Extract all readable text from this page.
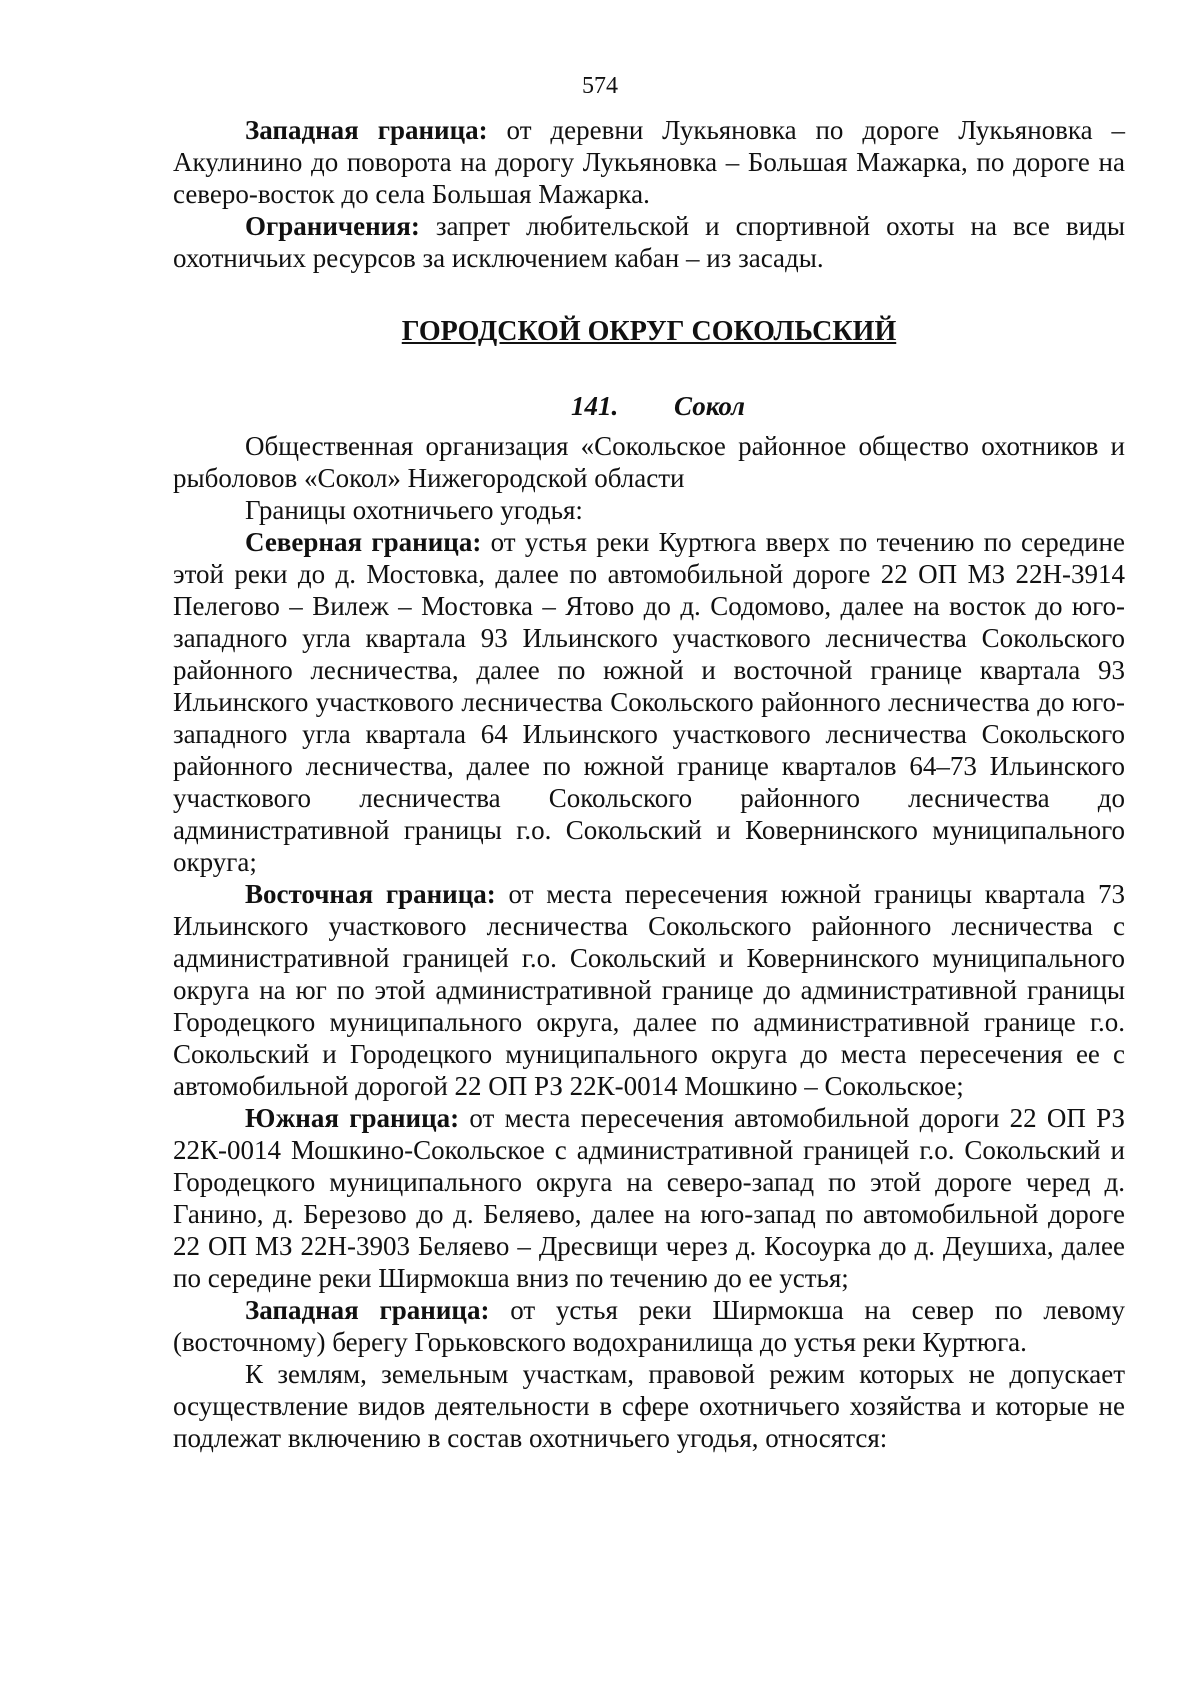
574

Западная граница: от деревни Лукьяновка по дороге Лукьяновка – Акулинино до поворота на дорогу Лукьяновка – Большая Мажарка, по дороге на северо-восток до села Большая Мажарка.

Ограничения: запрет любительской и спортивной охоты на все виды охотничьих ресурсов за исключением кабан – из засады.

ГОРОДСКОЙ ОКРУГ СОКОЛЬСКИЙ

141. Сокол

Общественная организация «Сокольское районное общество охотников и рыболовов «Сокол» Нижегородской области

Границы охотничьего угодья:

Северная граница: от устья реки Куртюга вверх по течению по середине этой реки до д. Мостовка, далее по автомобильной дороге 22 ОП МЗ 22Н-3914 Пелегово – Вилеж – Мостовка – Ятово до д. Содомово, далее на восток до юго-западного угла квартала 93 Ильинского участкового лесничества Сокольского районного лесничества, далее по южной и восточной границе квартала 93 Ильинского участкового лесничества Сокольского районного лесничества до юго-западного угла квартала 64 Ильинского участкового лесничества Сокольского районного лесничества, далее по южной границе кварталов 64–73 Ильинского участкового лесничества Сокольского районного лесничества до административной границы г.о. Сокольский и Ковернинского муниципального округа;

Восточная граница: от места пересечения южной границы квартала 73 Ильинского участкового лесничества Сокольского районного лесничества с административной границей г.о. Сокольский и Ковернинского муниципального округа на юг по этой административной границе до административной границы Городецкого муниципального округа, далее по административной границе г.о. Сокольский и Городецкого муниципального округа до места пересечения ее с автомобильной дорогой 22 ОП РЗ 22К-0014 Мошкино – Сокольское;

Южная граница: от места пересечения автомобильной дороги 22 ОП РЗ 22К-0014 Мошкино-Сокольское с административной границей г.о. Сокольский и Городецкого муниципального округа на северо-запад по этой дороге черед д. Ганино, д. Березово до д. Беляево, далее на юго-запад по автомобильной дороге 22 ОП МЗ 22Н-3903 Беляево – Дресвищи через д. Косоурка до д. Деушиха, далее по середине реки Ширмокша вниз по течению до ее устья;

Западная граница: от устья реки Ширмокша на север по левому (восточному) берегу Горьковского водохранилища до устья реки Куртюга.

К землям, земельным участкам, правовой режим которых не допускает осуществление видов деятельности в сфере охотничьего хозяйства и которые не подлежат включению в состав охотничьего угодья, относятся:
